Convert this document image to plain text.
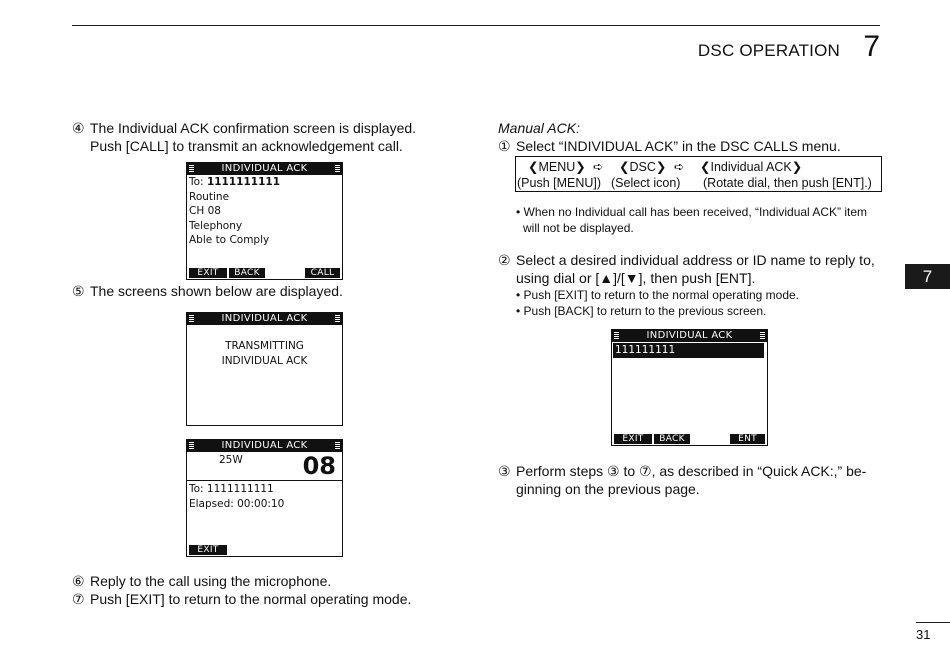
DSC OPERATION 7
7
④ The Individual ACK confirmation screen is displayed.
Push [CALL] to transmit an acknowledgement call.
INDIVIDUAL ACK
To: 1111111111
Routine
CH 08
Telephony
Able to Comply
EXIT	BACK	CALL
⑤ The screens shown below are displayed.
INDIVIDUAL ACK
TRANSMITTING
INDIVIDUAL ACK
INDIVIDUAL ACK
25W 08
To: 1111111111
Elapsed: 00:00:10
EXIT
⑥ Reply to the call using the microphone.
⑦ Push [EXIT] to return to the normal operating mode.
Manual ACK:
① Select “INDIVIDUAL ACK” in the DSC CALLS menu.
❮MENU❯ ➪ ❮DSC❯ ➪ ❮Individual ACK❯
(Push [MENU]) (Select icon) (Rotate dial, then push [ENT].)
• When no Individual call has been received, “Individual ACK” item
will not be displayed.
② Select a desired individual address or ID name to reply to,
using dial or [▲]/[▼], then push [ENT].
• Push [EXIT] to return to the normal operating mode.
• Push [BACK] to return to the previous screen.
INDIVIDUAL ACK
111111111
EXIT	BACK	ENT
③ Perform steps ③ to ⑦, as described in “Quick ACK:,” be-
ginning on the previous page.
31
